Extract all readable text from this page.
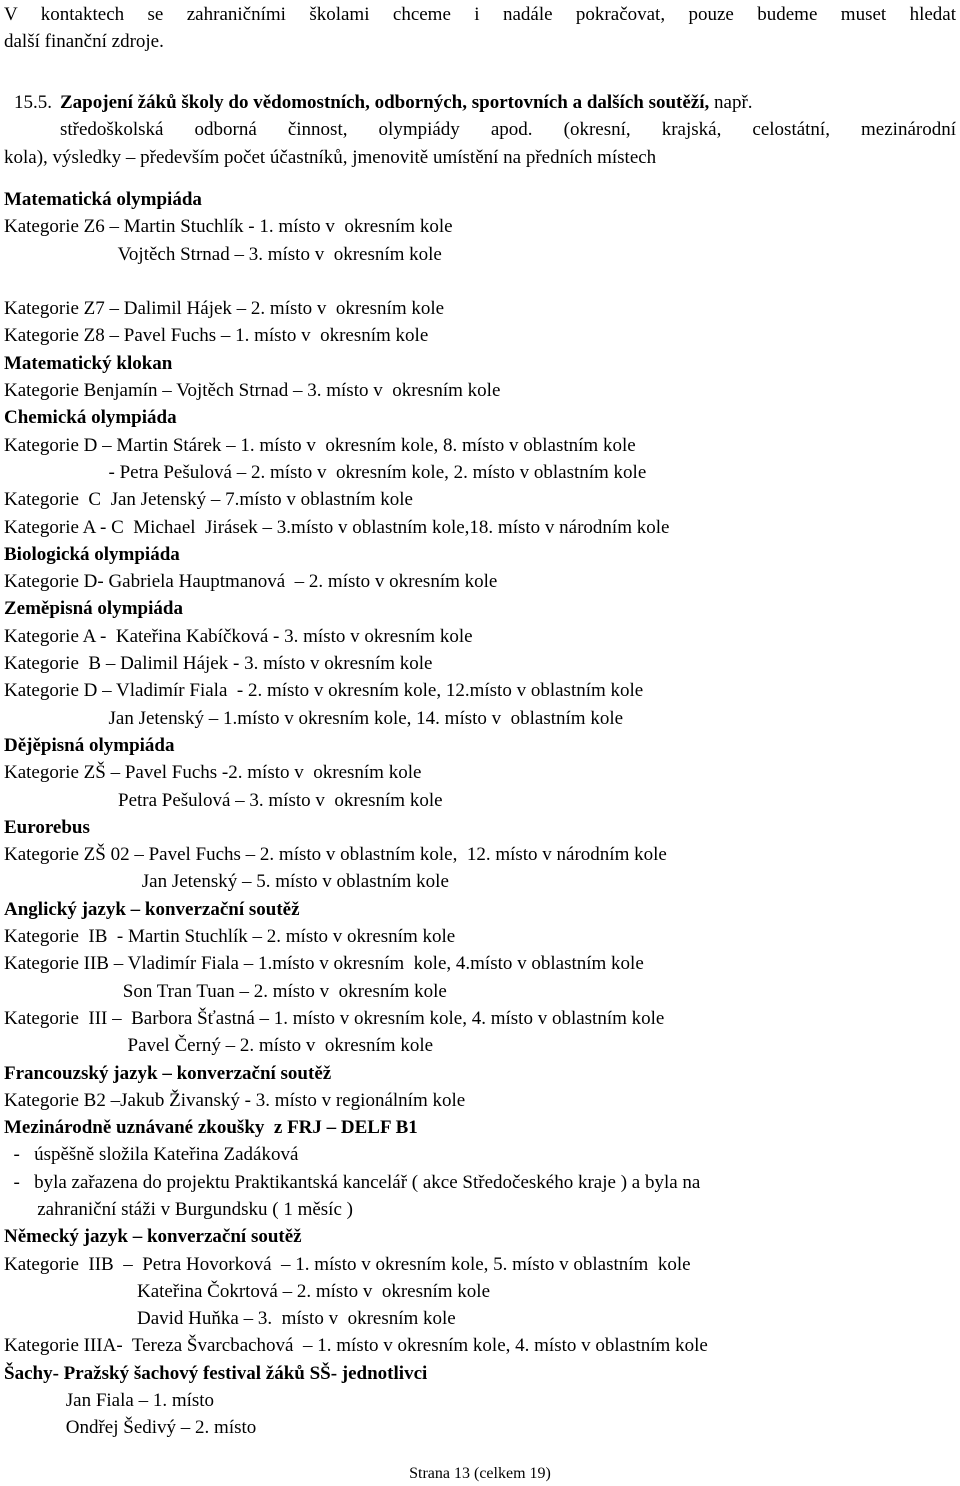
V kontaktech se zahraničními školami chceme i nadále pokračovat, pouze budeme muset hledat
další finanční zdroje.
15.5. Zapojení žáků školy do vědomostních, odborných, sportovních a dalších soutěží, např.
středoškolská odborná činnost, olympiády apod. (okresní, krajská, celostátní, mezinárodní
kola), výsledky – především počet účastníků, jmenovitě umístění na předních místech
Matematická olympiáda
Kategorie Z6 – Martin Stuchlík - 1. místo v  okresním kole
Vojtěch Strnad – 3. místo v  okresním kole
Kategorie Z7 – Dalimil Hájek – 2. místo v  okresním kole
Kategorie Z8 – Pavel Fuchs – 1. místo v  okresním kole
Matematický klokan
Kategorie Benjamín – Vojtěch Strnad – 3. místo v  okresním kole
Chemická olympiáda
Kategorie D – Martin Stárek – 1. místo v  okresním kole, 8. místo v oblastním kole
- Petra Pešulová – 2. místo v  okresním kole, 2. místo v oblastním kole
Kategorie  C  Jan Jetenský – 7.místo v oblastním kole
Kategorie A - C  Michael  Jirásek – 3.místo v oblastním kole,18. místo v národním kole
Biologická olympiáda
Kategorie D- Gabriela Hauptmanová  – 2. místo v okresním kole
Zeměpisná olympiáda
Kategorie A -  Kateřina Kabíčková - 3. místo v okresním kole
Kategorie  B – Dalimil Hájek - 3. místo v okresním kole
Kategorie D – Vladimír Fiala  - 2. místo v okresním kole, 12.místo v oblastním kole
Jan Jetenský – 1.místo v okresním kole, 14. místo v  oblastním kole
Dějěpisná olympiáda
Kategorie ZŠ – Pavel Fuchs -2. místo v  okresním kole
Petra Pešulová – 3. místo v  okresním kole
Eurorebus
Kategorie ZŠ 02 – Pavel Fuchs – 2. místo v oblastním kole,  12. místo v národním kole
Jan Jetenský – 5. místo v oblastním kole
Anglický jazyk – konverzační soutěž
Kategorie  IB  - Martin Stuchlík – 2. místo v okresním kole
Kategorie IIB – Vladimír Fiala – 1.místo v okresním  kole, 4.místo v oblastním kole
Son Tran Tuan – 2. místo v  okresním kole
Kategorie  III –  Barbora Šťastná – 1. místo v okresním kole, 4. místo v oblastním kole
Pavel Černý – 2. místo v  okresním kole
Francouzský jazyk – konverzační soutěž
Kategorie B2 –Jakub Živanský - 3. místo v regionálním kole
Mezinárodně uznávané zkoušky  z FRJ – DELF B1
-   úspěšně složila Kateřina Zadáková
-   byla zařazena do projektu Praktikantská kancelář ( akce Středočeského kraje ) a byla na
zahraniční stáži v Burgundsku ( 1 měsíc )
Německý jazyk – konverzační soutěž
Kategorie  IIB  –  Petra Hovorková  – 1. místo v okresním kole, 5. místo v oblastním  kole
Kateřina Čokrtová – 2. místo v  okresním kole
David Huňka – 3.  místo v  okresním kole
Kategorie IIIA-  Tereza Švarcbachová  – 1. místo v okresním kole, 4. místo v oblastním kole
Šachy- Pražský šachový festival žáků SŠ- jednotlivci
Jan Fiala – 1. místo
Ondřej Šedivý – 2. místo
Strana 13 (celkem 19)
